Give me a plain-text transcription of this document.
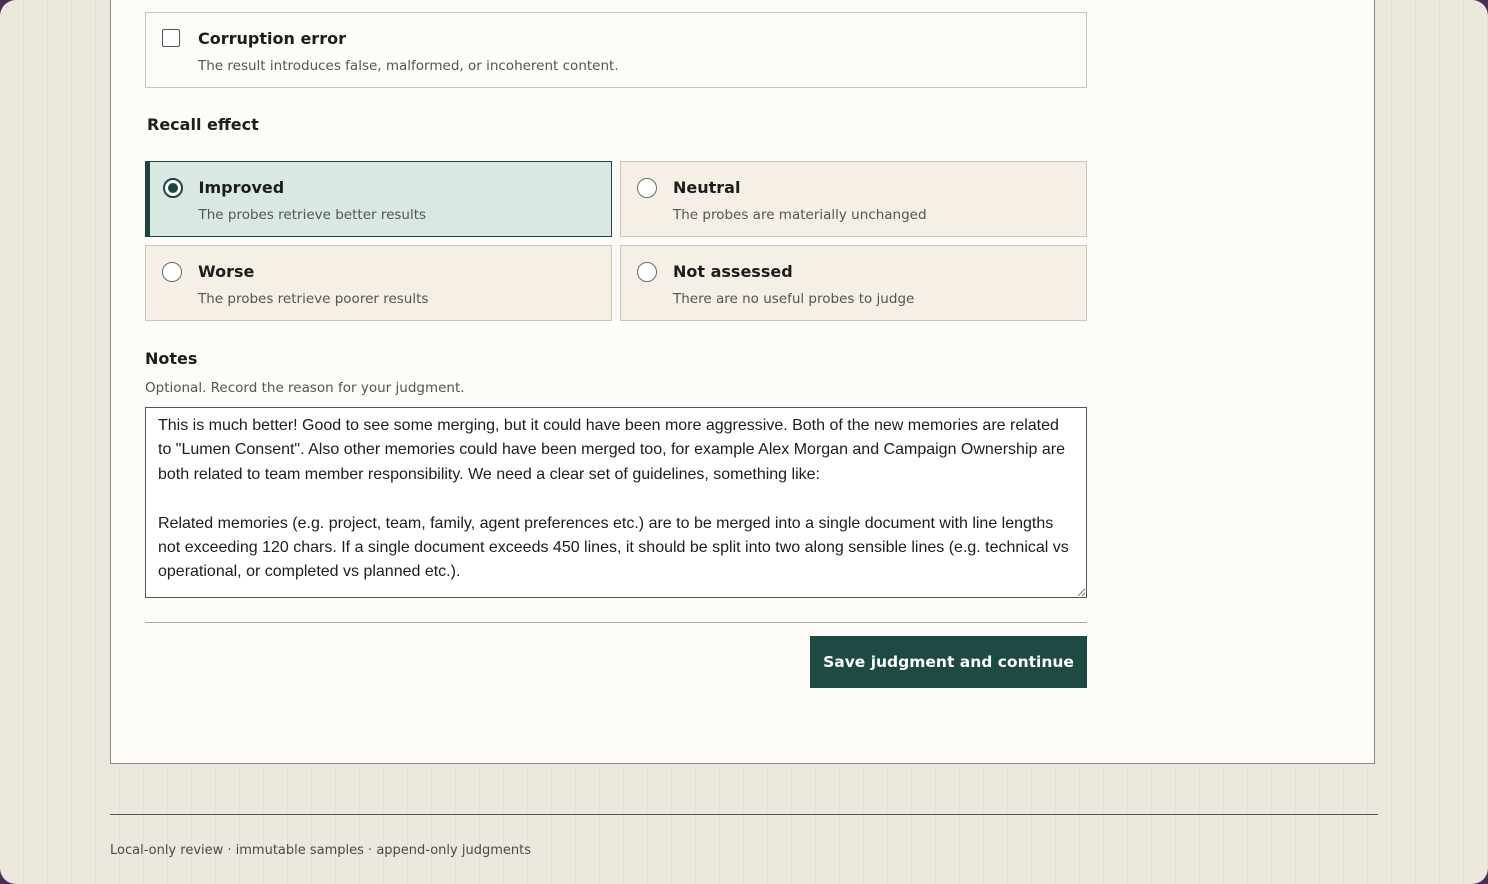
Corruption error
The result introduces false, malformed, or incoherent content.
Recall effect
Improved
The probes retrieve better results
Neutral
The probes are materially unchanged
Worse
The probes retrieve poorer results
Not assessed
There are no useful probes to judge
Notes
Optional. Record the reason for your judgment.
This is much better! Good to see some merging, but it could have been more aggressive. Both of the new memories are related to "Lumen Consent". Also other memories could have been merged too, for example Alex Morgan and Campaign Ownership are both related to team member responsibility. We need a clear set of guidelines, something like: Related memories (e.g. project, team, family, agent preferences etc.) are to be merged into a single document with line lengths not exceeding 120 chars. If a single document exceeds 450 lines, it should be split into two along sensible lines (e.g. technical vs operational, or completed vs planned etc.).
Save judgment and continue
Local-only review · immutable samples · append-only judgments
